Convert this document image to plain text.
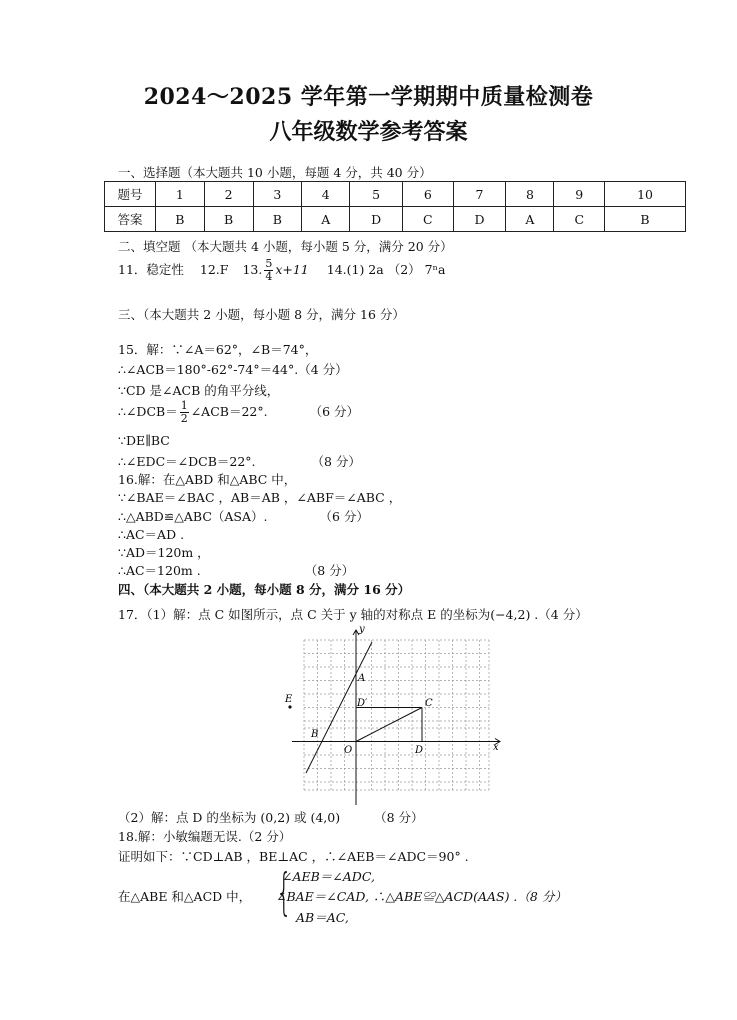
2024～2025 学年第一学期期中质量检测卷
八年级数学参考答案
一、选择题（本大题共 10 小题，每题 4 分，共 40 分）
题号	1	2	3	4	5	6	7	8	9	10
答案	B	B	B	A	D	C	D	A	C	B
二、填空题 （本大题共 4 小题，每小题 5 分，满分 20 分）
11．稳定性 12.F 13. $\frac{5}{4} x+11$ 14.(1) 2a （2） 7ⁿa
三、（本大题共 2 小题，每小题 8 分，满分 16 分）
15．解：∵∠A＝62°，∠B＝74°，
∴∠ACB＝180°-62°-74°＝44°.（4 分）
∵CD 是∠ACB 的角平分线，
∴∠DCB＝ $\frac{1}{2}$ ∠ACB＝22°.	（6 分）
∵DE∥BC
∴∠EDC＝∠DCB＝22°.	（8 分）
16.解：在△ABD 和△ABC 中，
∵∠BAE＝∠BAC ，AB＝AB ，∠ABF＝∠ABC ，
∴△ABD≌△ABC（ASA）.	（6 分）
∴AC＝AD .
∵AD＝120m ，
∴AC＝120m .	（8 分）
四、（本大题共 2 小题，每小题 8 分，满分 16 分）
17．（1）解：点 C 如图所示，点 C 关于 y 轴的对称点 E 的坐标为(−4,2) .（4 分）
y
x
A
B
C
D
D′
E
O
（2）解：点 D 的坐标为 (0,2) 或 (4,0)	（8 分）
18.解：小敏编题无误.（2 分）
证明如下：∵CD⊥AB ，BE⊥AC ，∴∠AEB＝∠ADC＝90° .
在△ABE 和△ACD 中， {
∠AEB＝∠ADC,
∠BAE＝∠CAD, ∴△ABE≌△ACD(AAS) .（8 分）
AB＝AC,
